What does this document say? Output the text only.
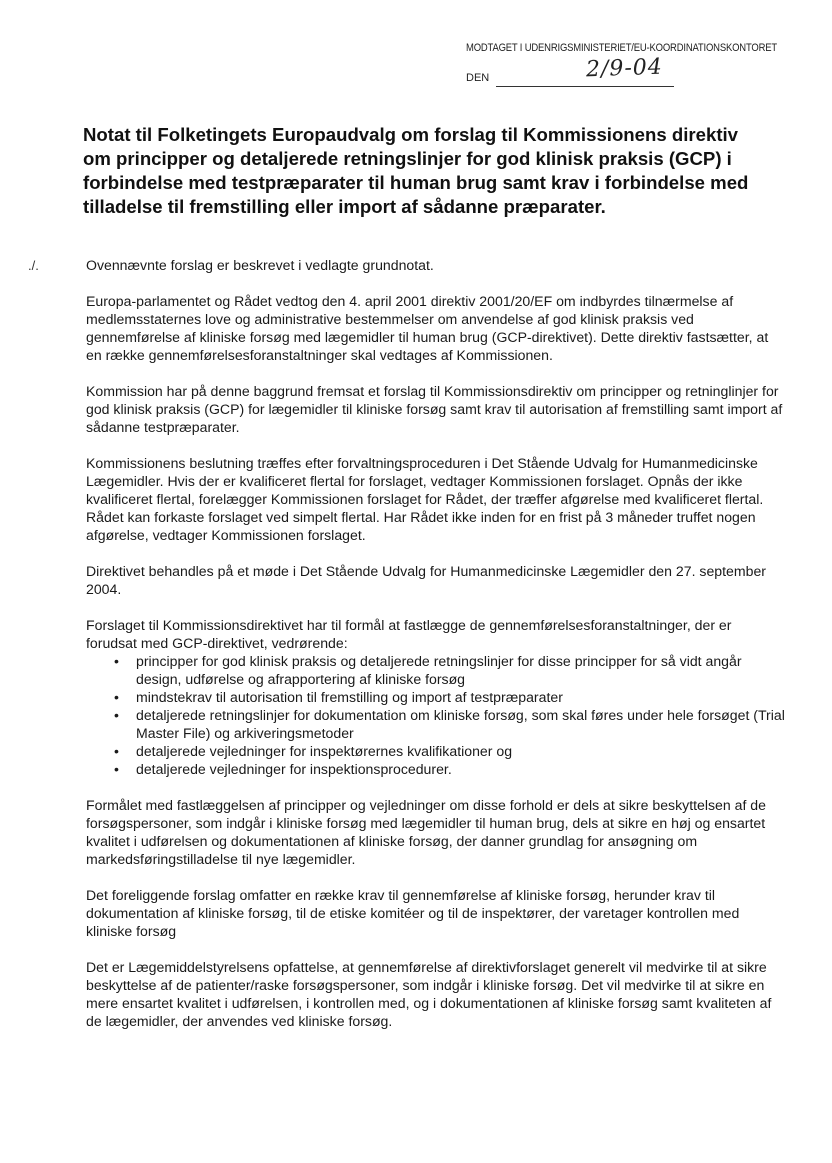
MODTAGET I UDENRIGSMINISTERIET/EU-KOORDINATIONSKONTORET
DEN	2/9-04
Notat til Folketingets Europaudvalg om forslag til Kommissionens direktiv om principper og detaljerede retningslinjer for god klinisk praksis (GCP) i forbindelse med testpræparater til human brug samt krav i forbindelse med tilladelse til fremstilling eller import af sådanne præparater.
./.	Ovennævnte forslag er beskrevet i vedlagte grundnotat.

Europa-parlamentet og Rådet vedtog den 4. april 2001 direktiv 2001/20/EF om indbyrdes tilnærmelse af medlemsstaternes love og administrative bestemmelser om anvendelse af god klinisk praksis ved gennemførelse af kliniske forsøg med lægemidler til human brug (GCP-direktivet). Dette direktiv fastsætter, at en række gennemførelsesforanstaltninger skal vedtages af Kommissionen.

Kommission har på denne baggrund fremsat et forslag til Kommissionsdirektiv om principper og retninglinjer for god klinisk praksis (GCP) for lægemidler til kliniske forsøg samt krav til autorisation af fremstilling samt import af sådanne testpræparater.

Kommissionens beslutning træffes efter forvaltningsproceduren i Det Stående Udvalg for Humanmedicinske Lægemidler. Hvis der er kvalificeret flertal for forslaget, vedtager Kommissionen forslaget. Opnås der ikke kvalificeret flertal, forelægger Kommissionen forslaget for Rådet, der træffer afgørelse med kvalificeret flertal. Rådet kan forkaste forslaget ved simpelt flertal. Har Rådet ikke inden for en frist på 3 måneder truffet nogen afgørelse, vedtager Kommissionen forslaget.

Direktivet behandles på et møde i Det Stående Udvalg for Humanmedicinske Lægemidler den 27. september 2004.

Forslaget til Kommissionsdirektivet har til formål at fastlægge de gennemførelsesforanstaltninger, der er forudsat med GCP-direktivet, vedrørende:

• principper for god klinisk praksis og detaljerede retningslinjer for disse principper for så vidt angår design, udførelse og afrapportering af kliniske forsøg
• mindstekrav til autorisation til fremstilling og import af testpræparater
• detaljerede retningslinjer for dokumentation om kliniske forsøg, som skal føres under hele forsøget (Trial Master File) og arkiveringsmetoder
• detaljerede vejledninger for inspektørernes kvalifikationer og
• detaljerede vejledninger for inspektionsprocedurer.

Formålet med fastlæggelsen af principper og vejledninger om disse forhold er dels at sikre beskyttelsen af de forsøgspersoner, som indgår i kliniske forsøg med lægemidler til human brug, dels at sikre en høj og ensartet kvalitet i udførelsen og dokumentationen af kliniske forsøg, der danner grundlag for ansøgning om markedsføringstilladelse til nye lægemidler.

Det foreliggende forslag omfatter en række krav til gennemførelse af kliniske forsøg, herunder krav til dokumentation af kliniske forsøg, til de etiske komitéer og til de inspektører, der varetager kontrollen med kliniske forsøg

Det er Lægemiddelstyrelsens opfattelse, at gennemførelse af direktivforslaget generelt vil medvirke til at sikre beskyttelse af de patienter/raske forsøgspersoner, som indgår i kliniske forsøg. Det vil medvirke til at sikre en mere ensartet kvalitet i udførelsen, i kontrollen med, og i dokumentationen af kliniske forsøg samt kvaliteten af de lægemidler, der anvendes ved kliniske forsøg.
